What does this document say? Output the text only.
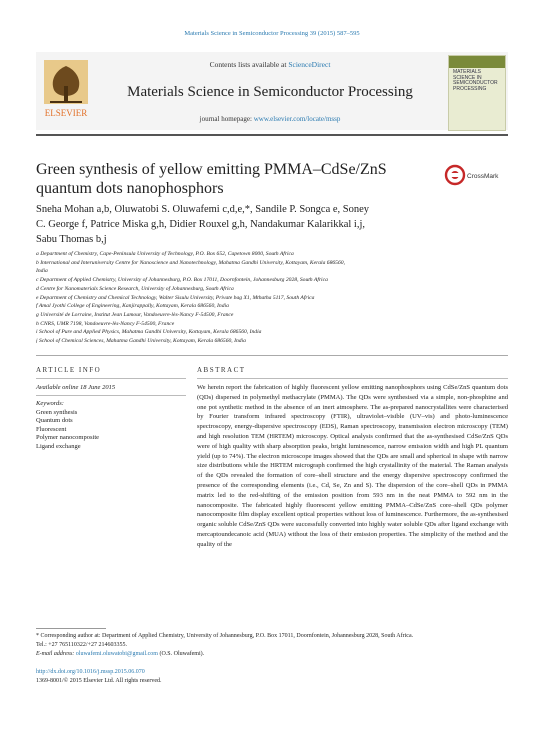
Materials Science in Semiconductor Processing 39 (2015) 587–595
ELSEVIER
Contents lists available at ScienceDirect
Materials Science in Semiconductor Processing
journal homepage: www.elsevier.com/locate/mssp
MATERIALS SCIENCE IN SEMICONDUCTOR PROCESSING
Green synthesis of yellow emitting PMMA–CdSe/ZnS quantum dots nanophosphors
CrossMark
Sneha Mohan a,b, Oluwatobi S. Oluwafemi c,d,e,*, Sandile P. Songca e, Soney
C. George f, Patrice Miska g,h, Didier Rouxel g,h, Nandakumar Kalarikkal i,j,
Sabu Thomas b,j
a Department of Chemistry, Cape-Peninsula University of Technology, P.O. Box 652, Capetown 8000, South Africa
b International and Interuniversity Centre for Nanoscience and Nanotechnology, Mahatma Gandhi University, Kottayam, Kerala 686560,
India
c Department of Applied Chemistry, University of Johannesburg, P.O. Box 17011, Doornfontein, Johannesburg 2028, South Africa
d Centre for Nanomaterials Science Research, University of Johannesburg, South Africa
e Department of Chemistry and Chemical Technology, Walter Sisulu University, Private bag X1, Mthatha 5117, South Africa
f Amal Jyothi College of Engineering, Kanjirappally, Kottayam, Kerala 686560, India
g Université de Lorraine, Institut Jean Lamour, Vandoeuvre-lès-Nancy F-54500, France
h CNRS, UMR 7198, Vandoeuvre-lès-Nancy F-54500, France
i School of Pure and Applied Physics, Mahatma Gandhi University, Kottayam, Kerala 686560, India
j School of Chemical Sciences, Mahatma Gandhi University, Kottayam, Kerala 686560, India
ARTICLE INFO	ABSTRACT
Available online 18 June 2015
Keywords:
Green synthesis
Quantum dots
Fluorescent
Polymer nanocomposite
Ligand exchange
We herein report the fabrication of highly fluorescent yellow emitting nanophosphors using CdSe/ZnS quantum dots (QDs) dispersed in polymethyl methacrylate (PMMA). The QDs were synthesised via a simple, non-phosphine and one pot synthetic method in the absence of an inert atmosphere. The as-prepared nanocrystallites were characterised by Fourier transform infrared spectroscopy (FTIR), ultraviolet–visible (UV–vis) and photo-luminescence spectroscopy, energy-dispersive spectroscopy (EDS), Raman spectroscopy, transmission electron microscopy (TEM) and high resolution TEM (HRTEM) microscopy. Optical analysis confirmed that the as-synthesised CdSe/ZnS QDs were of high quality with sharp absorption peaks, bright luminescence, narrow emission width and high PL quantum yield (up to 74%). The electron microscope images showed that the QDs are small and spherical in shape with narrow size distributions while the HRTEM micrograph confirmed the high crystallinity of the material. The Raman analysis of the QDs revealed the formation of core–shell structure and the energy dispersive spectroscopy confirmed the presence of the corresponding elements (i.e., Cd, Se, Zn and S). The dispersion of the core–shell QDs in PMMA matrix led to the red-shifting of the emission position from 593 nm in the neat PMMA to 592 nm in the nanocomposite. The fabricated highly fluorescent yellow emitting PMMA–CdSe/ZnS core–shell QDs polymer nanocomposite film display excellent optical properties without loss of luminescence. Furthermore, the as-synthesised organic soluble CdSe/ZnS QDs were successfully converted into highly water soluble QDs after ligand exchange with mercaptoundecanoic acid (MUA) without the loss of their emission properties. The simplicity of the method and the quality of the
* Corresponding author at: Department of Applied Chemistry, University of Johannesburg, P.O. Box 17011, Doornfontein, Johannesburg 2028, South Africa.
Tel.: +27 765110322/+27 214603355.
E-mail address: oluwafemi.oluwatobi@gmail.com (O.S. Oluwafemi).
http://dx.doi.org/10.1016/j.mssp.2015.06.070
1369-8001/© 2015 Elsevier Ltd. All rights reserved.
